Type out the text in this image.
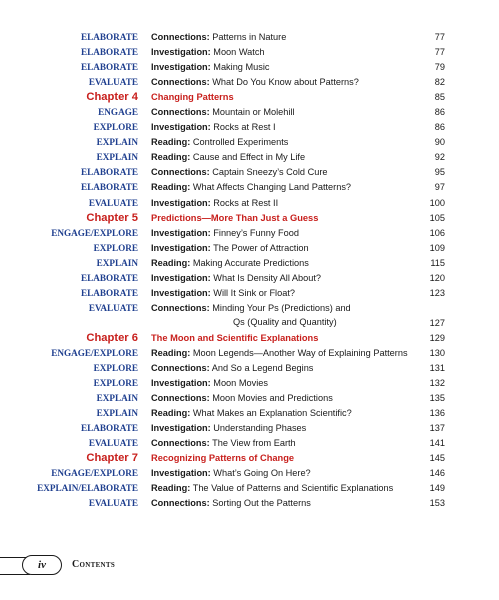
ELABORATE Connections: Patterns in Nature	77
ELABORATE Investigation: Moon Watch	77
ELABORATE Investigation: Making Music	79
EVALUATE Connections: What Do You Know about Patterns?	82
Chapter 4 Changing Patterns	85
ENGAGE Connections: Mountain or Molehill	86
EXPLORE Investigation: Rocks at Rest I	86
EXPLAIN Reading: Controlled Experiments	90
EXPLAIN Reading: Cause and Effect in My Life	92
ELABORATE Connections: Captain Sneezy’s Cold Cure	95
ELABORATE Reading: What Affects Changing Land Patterns?	97
EVALUATE Investigation: Rocks at Rest II	100
Chapter 5 Predictions—More Than Just a Guess	105
ENGAGE/EXPLORE Investigation: Finney’s Funny Food	106
EXPLORE Investigation: The Power of Attraction	109
EXPLAIN Reading: Making Accurate Predictions	115
ELABORATE Investigation: What Is Density All About?	120
ELABORATE Investigation: Will It Sink or Float?	123
EVALUATE Connections: Minding Your Ps (Predictions) and
Qs (Quality and Quantity)	127
Chapter 6 The Moon and Scientific Explanations	129
ENGAGE/EXPLORE Reading: Moon Legends—Another Way of Explaining Patterns	130
EXPLORE Connections: And So a Legend Begins	131
EXPLORE Investigation: Moon Movies	132
EXPLAIN Connections: Moon Movies and Predictions	135
EXPLAIN Reading: What Makes an Explanation Scientific?	136
ELABORATE Investigation: Understanding Phases	137
EVALUATE Connections: The View from Earth	141
Chapter 7 Recognizing Patterns of Change	145
ENGAGE/EXPLORE Investigation: What’s Going On Here?	146
EXPLAIN/ELABORATE Reading: The Value of Patterns and Scientific Explanations	149
EVALUATE Connections: Sorting Out the Patterns	153
iv	Contents
